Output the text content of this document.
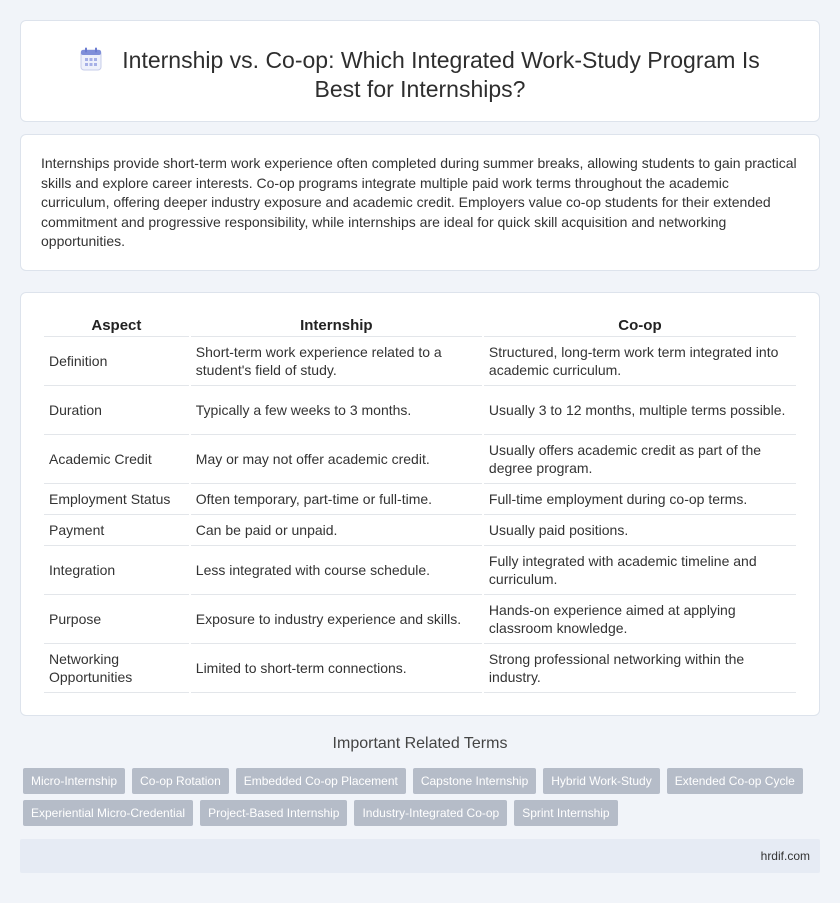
Internship vs. Co-op: Which Integrated Work-Study Program Is Best for Internships?

Internships provide short-term work experience often completed during summer breaks, allowing students to gain practical skills and explore career interests. Co-op programs integrate multiple paid work terms throughout the academic curriculum, offering deeper industry exposure and academic credit. Employers value co-op students for their extended commitment and progressive responsibility, while internships are ideal for quick skill acquisition and networking opportunities.

Aspect	Internship	Co-op
Definition	Short-term work experience related to a student's field of study.	Structured, long-term work term integrated into academic curriculum.
Duration	Typically a few weeks to 3 months.	Usually 3 to 12 months, multiple terms possible.
Academic Credit	May or may not offer academic credit.	Usually offers academic credit as part of the degree program.
Employment Status	Often temporary, part-time or full-time.	Full-time employment during co-op terms.
Payment	Can be paid or unpaid.	Usually paid positions.
Integration	Less integrated with course schedule.	Fully integrated with academic timeline and curriculum.
Purpose	Exposure to industry experience and skills.	Hands-on experience aimed at applying classroom knowledge.
Networking Opportunities	Limited to short-term connections.	Strong professional networking within the industry.
Important Related Terms
Micro-Internship	Co-op Rotation	Embedded Co-op Placement	Capstone Internship	Hybrid Work-Study	Extended Co-op Cycle
Experiential Micro-Credential	Project-Based Internship	Industry-Integrated Co-op	Sprint Internship
hrdif.com
